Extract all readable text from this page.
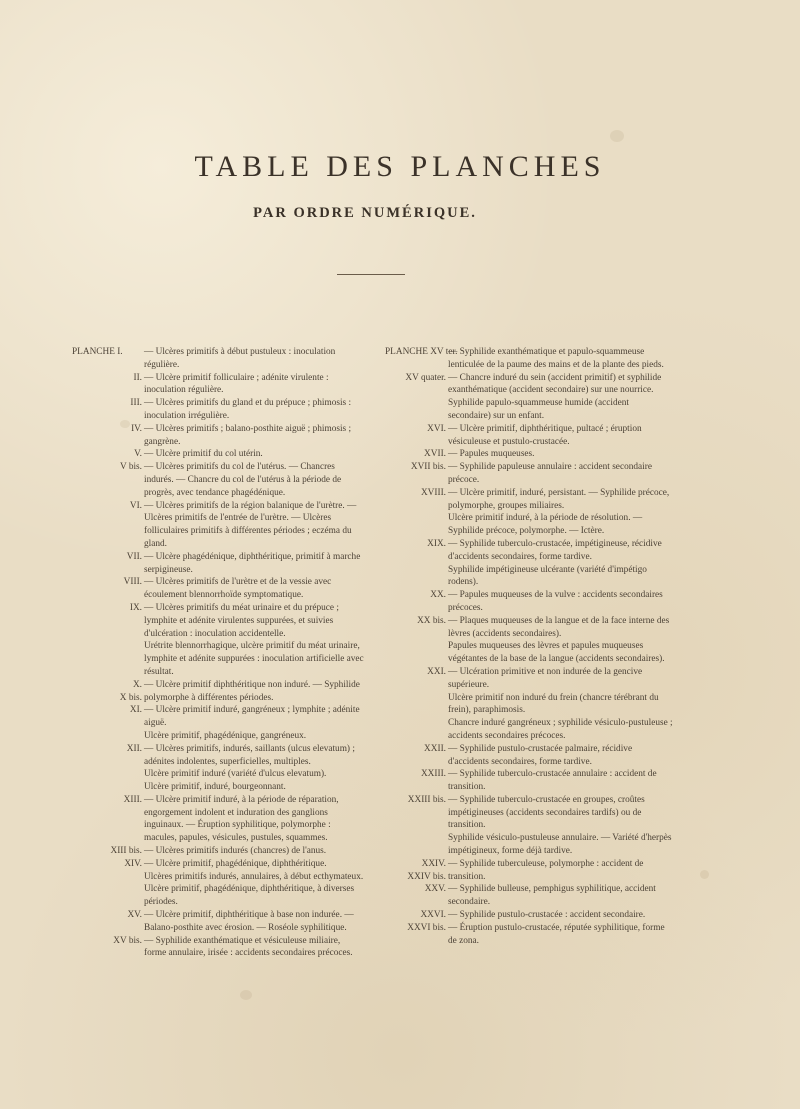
TABLE DES PLANCHES
PAR ORDRE NUMÉRIQUE.
PLANCHE I.	— Ulcères primitifs à début pustuleux : inoculation régulière.
II. — Ulcère primitif folliculaire ; adénite virulente : inoculation régulière.
III. — Ulcères primitifs du gland et du prépuce ; phimosis : inoculation irrégulière.
IV. — Ulcères primitifs ; balano-posthite aiguë ; phimosis ; gangrène.
V. — Ulcère primitif du col utérin.
V bis. — Ulcères primitifs du col de l'utérus. — Chancres indurés. — Chancre du col de l'utérus à la période de progrès, avec tendance phagédénique.
VI. — Ulcères primitifs de la région balanique de l'urètre. — Ulcères primitifs de l'entrée de l'urètre. — Ulcères folliculaires primitifs à différentes périodes ; eczéma du gland.
VII. — Ulcère phagédénique, diphthéritique, primitif à marche serpigineuse.
VIII. — Ulcères primitifs de l'urètre et de la vessie avec écoulement blennorrhoïde symptomatique.
IX. — Ulcères primitifs du méat urinaire et du prépuce ; lymphite et adénite virulentes suppurées, et suivies d'ulcération : inoculation accidentelle.
Urétrite blennorrhagique, ulcère primitif du méat urinaire, lymphite et adénite suppurées : inoculation artificielle avec résultat.
X.
X bis.
— Ulcère primitif diphthéritique non induré. — Syphilide polymorphe à différentes périodes.
XI. — Ulcère primitif induré, gangréneux ; lymphite ; adénite aiguë.
Ulcère primitif, phagédénique, gangréneux.
XII. — Ulcères primitifs, indurés, saillants (ulcus elevatum) ; adénites indolentes, superficielles, multiples.
Ulcère primitif induré (variété d'ulcus elevatum).
Ulcère primitif, induré, bourgeonnant.
XIII. — Ulcère primitif induré, à la période de réparation, engorgement indolent et induration des ganglions inguinaux. — Éruption syphilitique, polymorphe : macules, papules, vésicules, pustules, squammes.
XIII bis. — Ulcères primitifs indurés (chancres) de l'anus.
XIV. — Ulcère primitif, phagédénique, diphthéritique.
Ulcères primitifs indurés, annulaires, à début ecthymateux.
Ulcère primitif, phagédénique, diphthéritique, à diverses périodes.
XV. — Ulcère primitif, diphthéritique à base non indurée. — Balano-posthite avec érosion. — Roséole syphilitique.
XV bis. — Syphilide exanthématique et vésiculeuse miliaire, forme annulaire, irisée : accidents secondaires précoces.
PLANCHE XV ter.
— Syphilide exanthématique et papulo-squammeuse lenticulée de la paume des mains et de la plante des pieds.
XV quater. — Chancre induré du sein (accident primitif) et syphilide exanthématique (accident secondaire) sur une nourrice.
Syphilide papulo-squammeuse humide (accident secondaire) sur un enfant.
XVI. — Ulcère primitif, diphthéritique, pultacé ; éruption vésiculeuse et pustulo-crustacée.
XVII. — Papules muqueuses.
XVII bis. — Syphilide papuleuse annulaire : accident secondaire précoce.
XVIII. — Ulcère primitif, induré, persistant. — Syphilide précoce, polymorphe, groupes miliaires.
Ulcère primitif induré, à la période de résolution. — Syphilide précoce, polymorphe. — Ictère.
XIX. — Syphilide tuberculo-crustacée, impétigineuse, récidive d'accidents secondaires, forme tardive.
Syphilide impétigineuse ulcérante (variété d'impétigo rodens).
XX. — Papules muqueuses de la vulve : accidents secondaires précoces.
XX bis. — Plaques muqueuses de la langue et de la face interne des lèvres (accidents secondaires).
Papules muqueuses des lèvres et papules muqueuses végétantes de la base de la langue (accidents secondaires).
XXI. — Ulcération primitive et non indurée de la gencive supérieure.
Ulcère primitif non induré du frein (chancre térébrant du frein), paraphimosis.
Chancre induré gangréneux ; syphilide vésiculo-pustuleuse ; accidents secondaires précoces.
XXII. — Syphilide pustulo-crustacée palmaire, récidive d'accidents secondaires, forme tardive.
XXIII. — Syphilide tuberculo-crustacée annulaire : accident de transition.
XXIII bis. — Syphilide tuberculo-crustacée en groupes, croûtes impétigineuses (accidents secondaires tardifs) ou de transition.
Syphilide vésiculo-pustuleuse annulaire. — Variété d'herpès impétigineux, forme déjà tardive.
XXIV.
XXIV bis.
— Syphilide tuberculeuse, polymorphe : accident de transition.
XXV. — Syphilide bulleuse, pemphigus syphilitique, accident secondaire.
XXVI. — Syphilide pustulo-crustacée : accident secondaire.
XXVI bis. — Éruption pustulo-crustacée, réputée syphilitique, forme de zona.
